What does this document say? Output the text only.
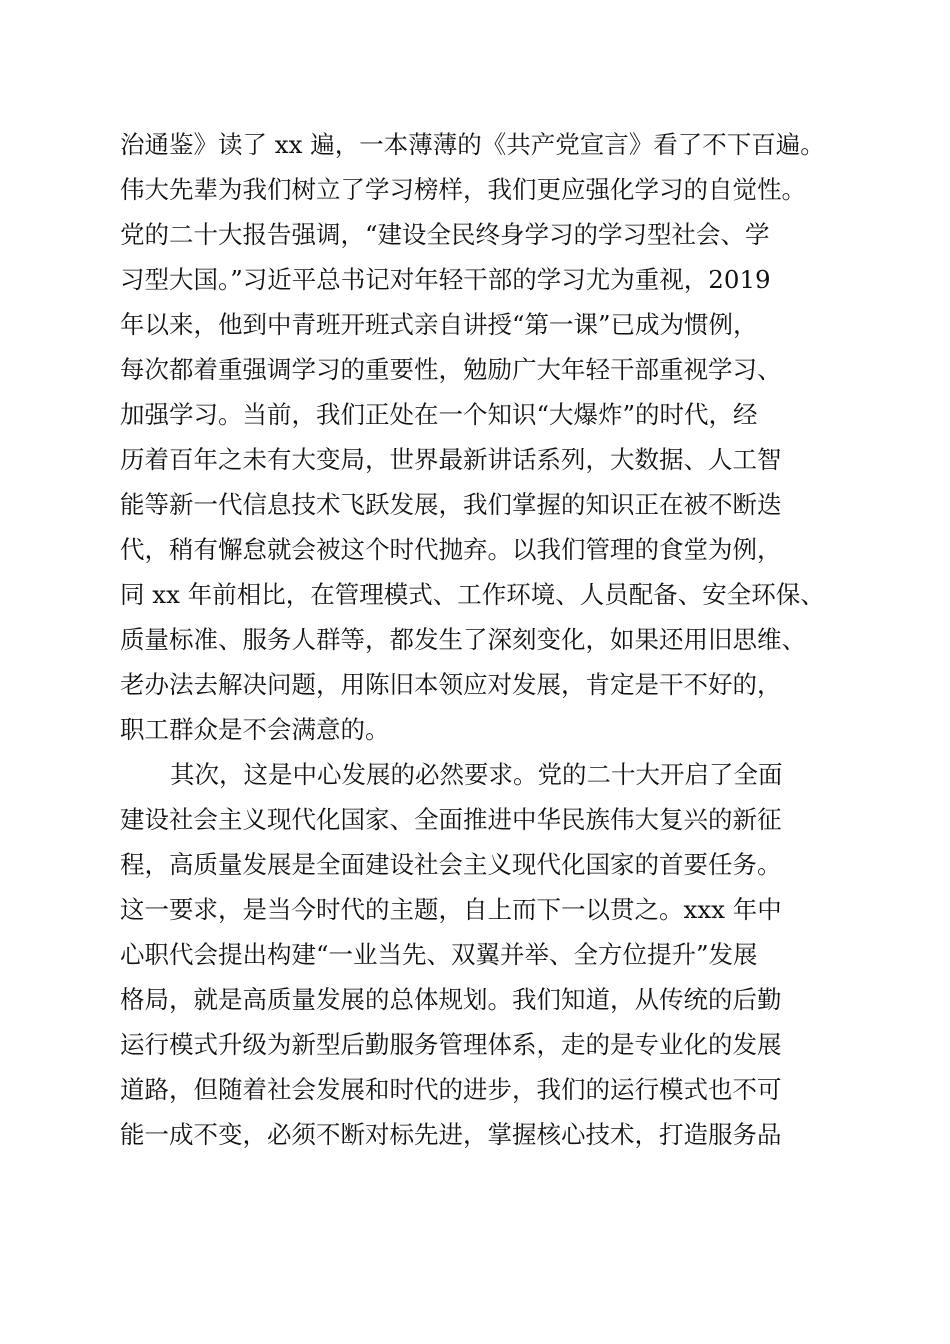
治通鉴》读了 xx 遍，一本薄薄的《共产党宣言》看了不下百遍。
伟大先辈为我们树立了学习榜样，我们更应强化学习的自觉性。
党的二十大报告强调，“建设全民终身学习的学习型社会、学
习型大国。”习近平总书记对年轻干部的学习尤为重视，2019
年以来，他到中青班开班式亲自讲授“第一课”已成为惯例，
每次都着重强调学习的重要性，勉励广大年轻干部重视学习、
加强学习。当前，我们正处在一个知识“大爆炸”的时代，经
历着百年之未有大变局，世界最新讲话系列，大数据、人工智
能等新一代信息技术飞跃发展，我们掌握的知识正在被不断迭
代，稍有懈怠就会被这个时代抛弃。以我们管理的食堂为例，
同 xx 年前相比，在管理模式、工作环境、人员配备、安全环保、
质量标准、服务人群等，都发生了深刻变化，如果还用旧思维、
老办法去解决问题，用陈旧本领应对发展，肯定是干不好的，
职工群众是不会满意的。
其次，这是中心发展的必然要求。党的二十大开启了全面
建设社会主义现代化国家、全面推进中华民族伟大复兴的新征
程，高质量发展是全面建设社会主义现代化国家的首要任务。
这一要求，是当今时代的主题，自上而下一以贯之。xxx 年中
心职代会提出构建“一业当先、双翼并举、全方位提升”发展
格局，就是高质量发展的总体规划。我们知道，从传统的后勤
运行模式升级为新型后勤服务管理体系，走的是专业化的发展
道路，但随着社会发展和时代的进步，我们的运行模式也不可
能一成不变，必须不断对标先进，掌握核心技术，打造服务品
